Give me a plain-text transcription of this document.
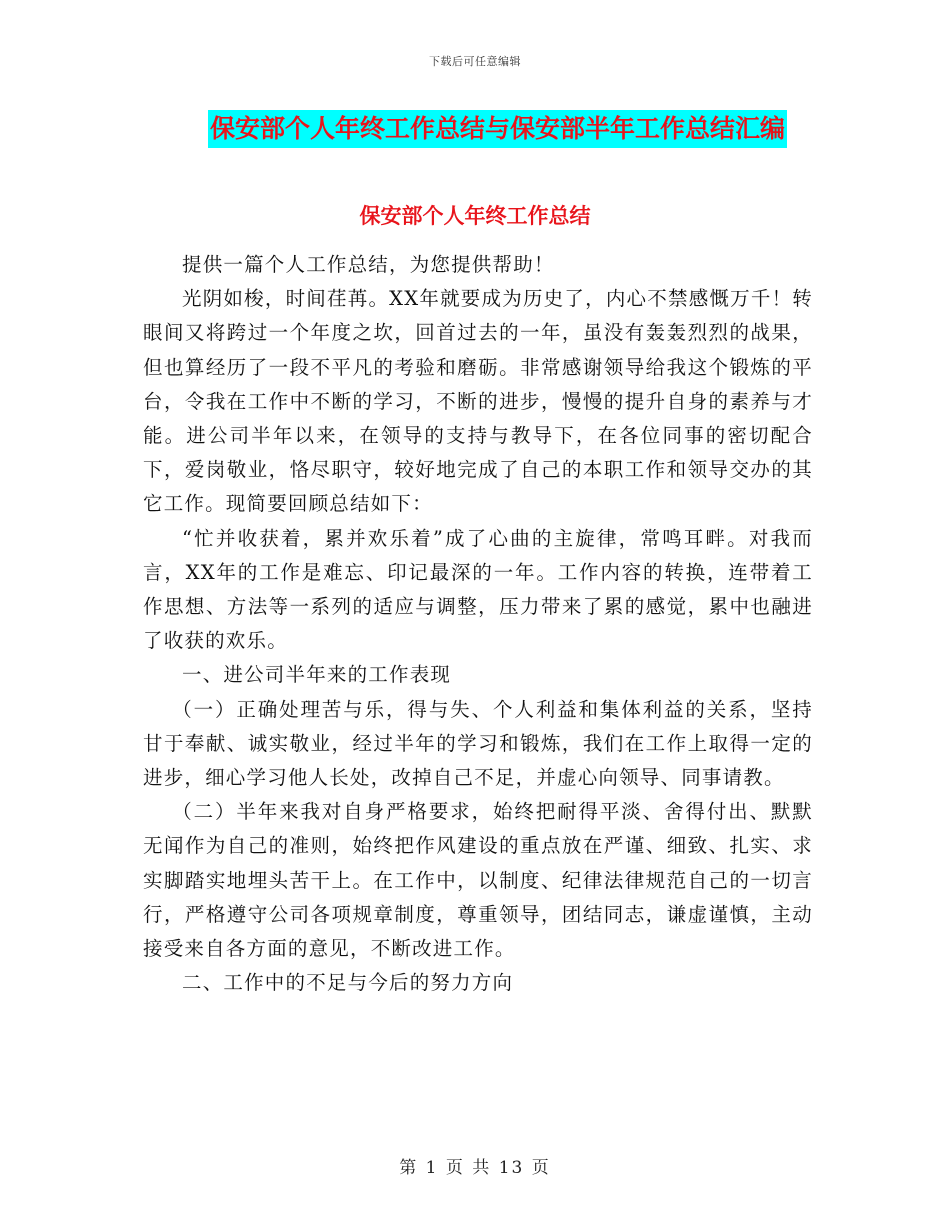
下载后可任意编辑
保安部个人年终工作总结与保安部半年工作总结汇编
保安部个人年终工作总结

提供一篇个人工作总结，为您提供帮助！

光阴如梭，时间荏苒。XX年就要成为历史了，内心不禁感慨万千！转眼间又将跨过一个年度之坎，回首过去的一年，虽没有轰轰烈烈的战果，但也算经历了一段不平凡的考验和磨砺。非常感谢领导给我这个锻炼的平台，令我在工作中不断的学习，不断的进步，慢慢的提升自身的素养与才能。进公司半年以来，在领导的支持与教导下，在各位同事的密切配合下，爱岗敬业，恪尽职守，较好地完成了自己的本职工作和领导交办的其它工作。现简要回顾总结如下：

“忙并收获着，累并欢乐着”成了心曲的主旋律，常鸣耳畔。对我而言，XX年的工作是难忘、印记最深的一年。工作内容的转换，连带着工作思想、方法等一系列的适应与调整，压力带来了累的感觉，累中也融进了收获的欢乐。

一、进公司半年来的工作表现

（一）正确处理苦与乐，得与失、个人利益和集体利益的关系，坚持甘于奉献、诚实敬业，经过半年的学习和锻炼，我们在工作上取得一定的进步，细心学习他人长处，改掉自己不足，并虚心向领导、同事请教。

（二）半年来我对自身严格要求，始终把耐得平淡、舍得付出、默默无闻作为自己的准则，始终把作风建设的重点放在严谨、细致、扎实、求实脚踏实地埋头苦干上。在工作中，以制度、纪律法律规范自己的一切言行，严格遵守公司各项规章制度，尊重领导，团结同志，谦虚谨慎，主动接受来自各方面的意见，不断改进工作。

二、工作中的不足与今后的努力方向

第 1 页 共 13 页
